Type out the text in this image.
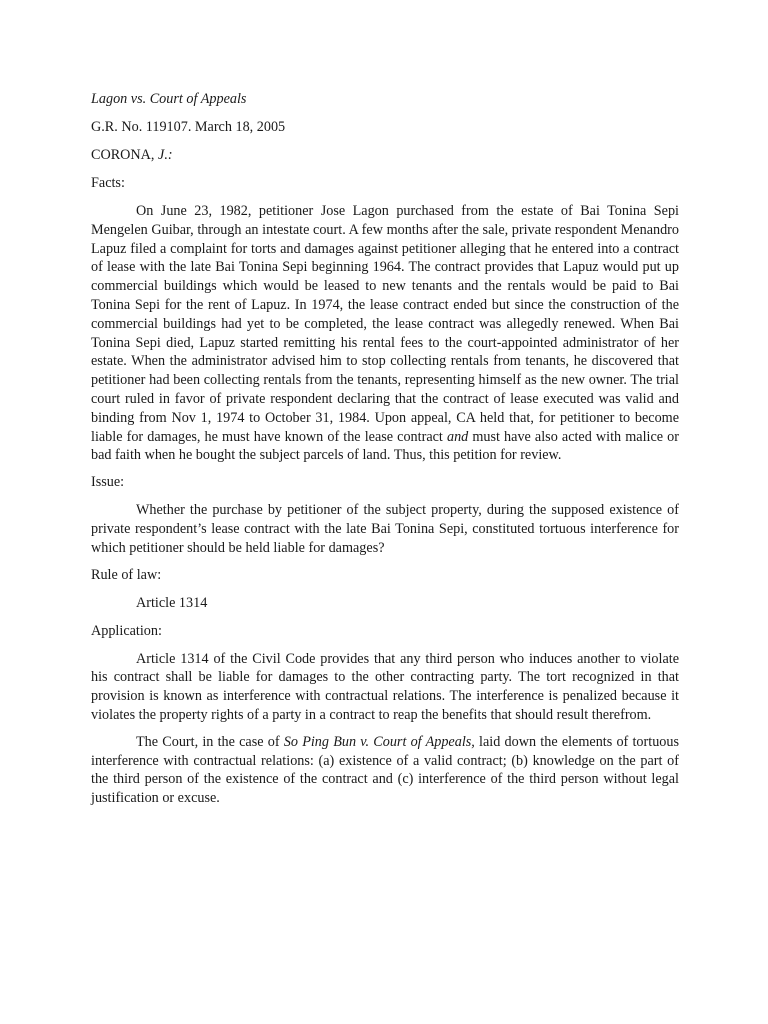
Lagon vs. Court of Appeals

G.R. No. 119107. March 18, 2005

CORONA, J.:

Facts:

On June 23, 1982, petitioner Jose Lagon purchased from the estate of Bai Tonina Sepi Mengelen Guibar, through an intestate court. A few months after the sale, private respondent Menandro Lapuz filed a complaint for torts and damages against petitioner alleging that he entered into a contract of lease with the late Bai Tonina Sepi beginning 1964. The contract provides that Lapuz would put up commercial buildings which would be leased to new tenants and the rentals would be paid to Bai Tonina Sepi for the rent of Lapuz. In 1974, the lease contract ended but since the construction of the commercial buildings had yet to be completed, the lease contract was allegedly renewed. When Bai Tonina Sepi died, Lapuz started remitting his rental fees to the court-appointed administrator of her estate. When the administrator advised him to stop collecting rentals from tenants, he discovered that petitioner had been collecting rentals from the tenants, representing himself as the new owner. The trial court ruled in favor of private respondent declaring that the contract of lease executed was valid and binding from Nov 1, 1974 to October 31, 1984. Upon appeal, CA held that, for petitioner to become liable for damages, he must have known of the lease contract and must have also acted with malice or bad faith when he bought the subject parcels of land. Thus, this petition for review.

Issue:

Whether the purchase by petitioner of the subject property, during the supposed existence of private respondent’s lease contract with the late Bai Tonina Sepi, constituted tortuous interference for which petitioner should be held liable for damages?

Rule of law:

Article 1314

Application:

Article 1314 of the Civil Code provides that any third person who induces another to violate his contract shall be liable for damages to the other contracting party. The tort recognized in that provision is known as interference with contractual relations. The interference is penalized because it violates the property rights of a party in a contract to reap the benefits that should result therefrom.

The Court, in the case of So Ping Bun v. Court of Appeals, laid down the elements of tortuous interference with contractual relations: (a) existence of a valid contract; (b) knowledge on the part of the third person of the existence of the contract and (c) interference of the third person without legal justification or excuse.
